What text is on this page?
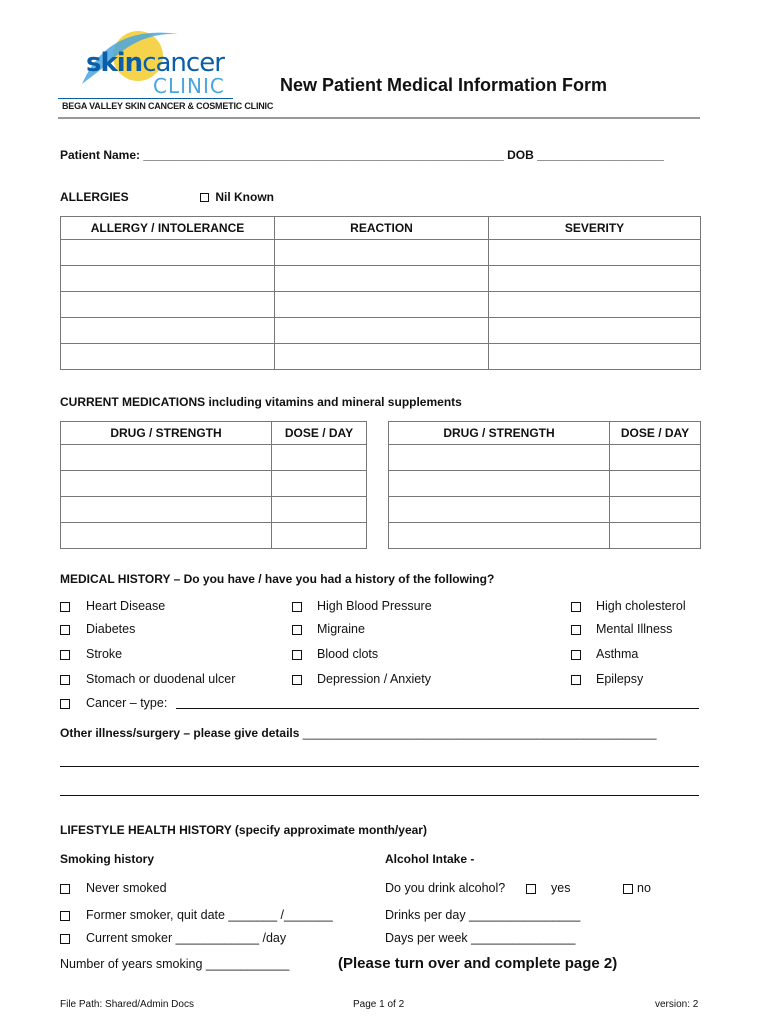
skincancer
CLINIC
BEGA VALLEY SKIN CANCER & COSMETIC CLINIC
New Patient Medical Information Form
Patient Name: ______________________________________________________ DOB ___________________
ALLERGIES	Nil Known
ALLERGY / INTOLERANCE	REACTION	SEVERITY

CURRENT MEDICATIONS including vitamins and mineral supplements
DRUG / STRENGTH	DOSE / DAY

		DRUG / STRENGTH	DOSE / DAY

MEDICAL HISTORY – Do you have / have you had a history of the following?
Heart Disease
Diabetes
Stroke
Stomach or duodenal ulcer
High Blood Pressure
Migraine
Blood clots
Depression / Anxiety
High cholesterol
Mental Illness
Asthma
Epilepsy
Cancer – type:
Other illness/surgery – please give details _____________________________________________________
LIFESTYLE HEALTH HISTORY (specify approximate month/year)
Smoking history	Alcohol Intake -
Never smoked
Former smoker, quit date _______ /_______
Current smoker ____________ /day
Number of years smoking ____________
Do you drink alcohol?	yes	no
Drinks per day ________________
Days per week _______________
(Please turn over and complete page 2)
File Path: Shared/Admin Docs	Page 1 of 2	version: 2
